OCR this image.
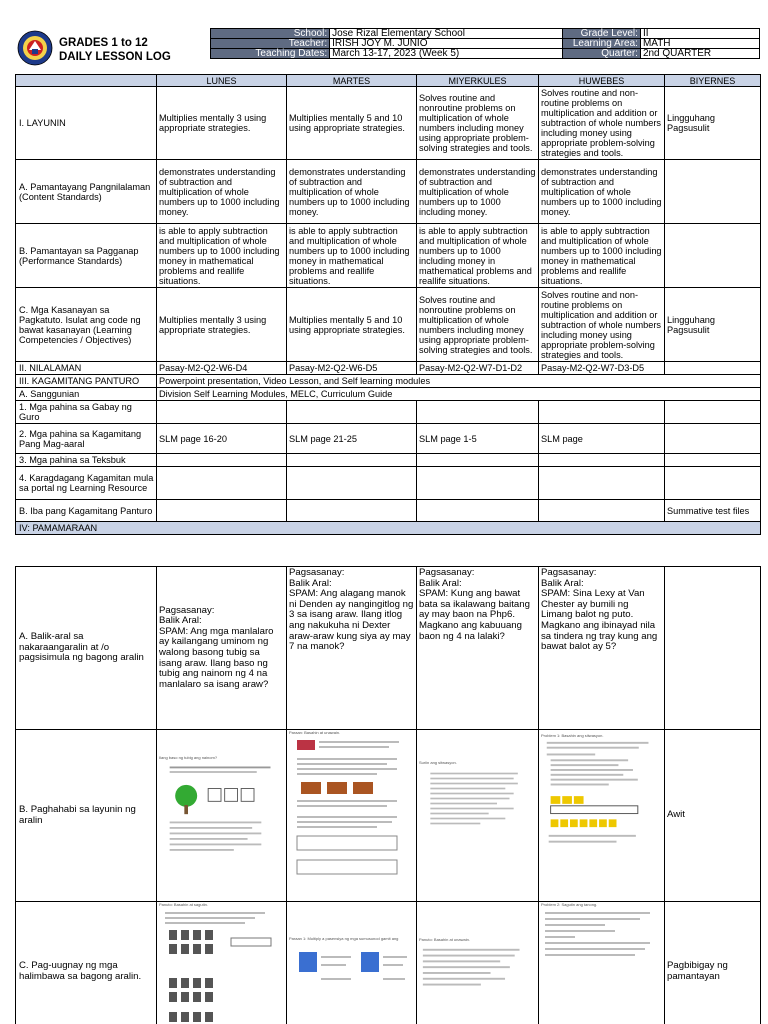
GRADES 1 to 12
DAILY LESSON LOG
School:	Jose Rizal Elementary School	Grade Level:	II
Teacher:	IRISH JOY M. JUNIO	Learning Area:	MATH
Teaching Dates:	March 13-17, 2023 (Week 5)	Quarter:	2nd QUARTER
	LUNES	MARTES	MIYERKULES	HUWEBES	BIYERNES
I. LAYUNIN	Multiplies mentally 3 using appropriate strategies.	Multiplies mentally 5 and 10 using appropriate strategies.	Solves routine and nonroutine problems on multiplication of whole numbers including money using appropriate problem-solving strategies and tools.	Solves routine and non-routine problems on multiplication and addition or subtraction of whole numbers including money using appropriate problem-solving strategies and tools.	Lingguhang Pagsusulit
A. Pamantayang Pangnilalaman (Content Standards)	demonstrates understanding of subtraction and multiplication of whole numbers up to 1000 including money.	demonstrates understanding of subtraction and multiplication of whole numbers up to 1000 including money.	demonstrates understanding of subtraction and multiplication of whole numbers up to 1000 including money.	demonstrates understanding of subtraction and multiplication of whole numbers up to 1000 including money.	
B. Pamantayan sa Pagganap (Performance Standards)	is able to apply subtraction and multiplication of whole numbers up to 1000 including money in mathematical problems and reallife situations.	is able to apply subtraction and multiplication of whole numbers up to 1000 including money in mathematical problems and reallife situations.	is able to apply subtraction and multiplication of whole numbers up to 1000 including money in mathematical problems and reallife situations.	is able to apply subtraction and multiplication of whole numbers up to 1000 including money in mathematical problems and reallife situations.	
C. Mga Kasanayan sa Pagkatuto. Isulat ang code ng bawat kasanayan (Learning Competencies / Objectives)	Multiplies mentally 3 using appropriate strategies.	Multiplies mentally 5 and 10 using appropriate strategies.	Solves routine and nonroutine problems on multiplication of whole numbers including money using appropriate problem-solving strategies and tools.	Solves routine and non-routine problems on multiplication and addition or subtraction of whole numbers including money using appropriate problem-solving strategies and tools.	Lingguhang Pagsusulit
II. NILALAMAN	Pasay-M2-Q2-W6-D4	Pasay-M2-Q2-W6-D5	Pasay-M2-Q2-W7-D1-D2	Pasay-M2-Q2-W7-D3-D5	
III. KAGAMITANG PANTURO	Powerpoint presentation, Video Lesson, and Self learning modules				
A. Sanggunian	Division Self Learning Modules, MELC, Curriculum Guide				
1. Mga pahina sa Gabay ng Guro					
2. Mga pahina sa Kagamitang Pang Mag-aaral	SLM page 16-20	SLM page 21-25	SLM page 1-5	SLM page	
3. Mga pahina sa Teksbuk					
4. Karagdagang Kagamitan mula sa portal ng Learning Resource					
B. Iba pang Kagamitang Panturo					Summative test files
IV: PAMAMARAAN					
A. Balik-aral sa nakaraangaralin at /o pagsisimula ng bagong aralin	Pagsasanay:
Balik Aral:
SPAM: Ang mga manlalaro ay kailangang uminom ng walong basong tubig sa isang araw. Ilang baso ng tubig ang nainom ng 4 na manlalaro sa isang araw?	Pagsasanay:
Balik Aral:
SPAM: Ang alagang manok ni Denden ay nangingitlog ng 3 sa isang araw. Ilang itlog ang nakukuha ni Dexter araw-araw kung siya ay may 7 na manok?	Pagsasanay:
Balik Aral:
SPAM: Kung ang bawat bata sa ikalawang baitang ay may baon na Php6. Magkano ang kabuuang baon ng 4 na lalaki?	Pagsasanay:
Balik Aral:
SPAM: Sina Lexy at Van Chester ay bumili ng Limang balot ng puto. Magkano ang ibinayad nila sa tindera ng tray kung ang bawat balot ay 5?	
B. Paghahabi sa layunin ng aralin	Ilang baso ng tubig ang nainom?	Paraan: Basahin at unawain.	Suriin ang sitwasyon.	Problem 1: Basahin ang sitwasyon.	Awit
C. Pag-uugnay ng mga halimbawa sa bagong aralin.	Panuto: Basahin at sagutin.	Paraan 1: Multiply a pasensiya ng mga sumusunod gamit ang	Panuto: Basahin at unawain.	Problem 2: Sagutin ang tanong.	Pagbibigay ng pamantayan
